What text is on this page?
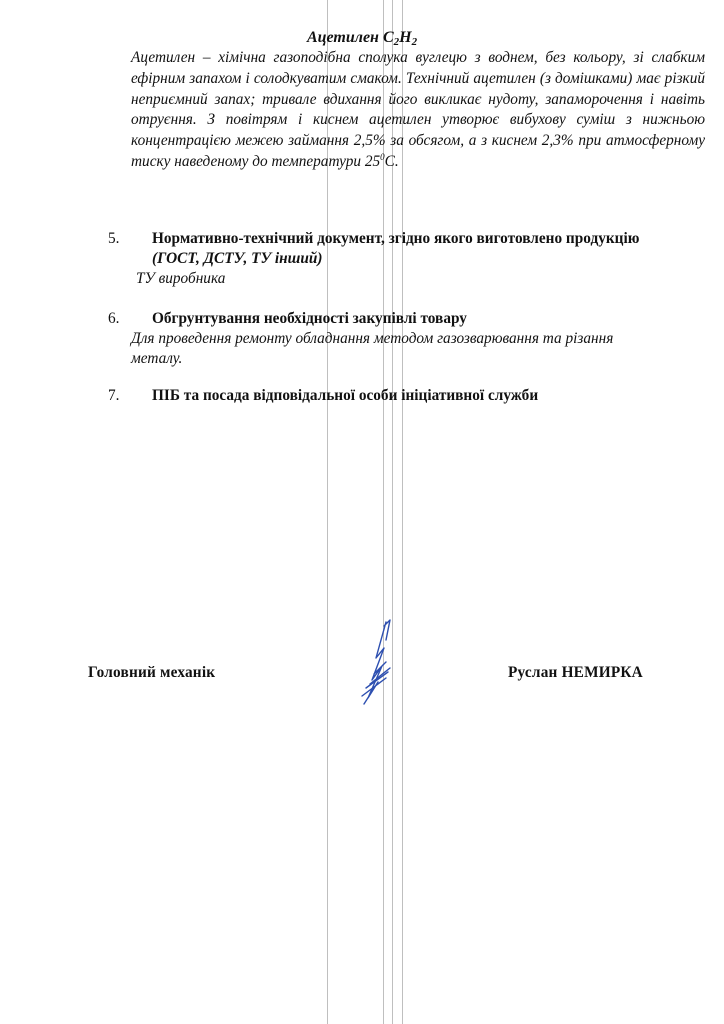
Ацетилен $С_2Н_2$

Ацетилен – хімічна газоподібна сполука вуглецю з воднем, без кольору, зі слабким ефірним запахом і солодкуватим смаком. Технічний ацетилен (з домішками) має різкий неприємний запах; тривале вдихання його викликає нудоту, запаморочення і навіть отруєння. З повітрям і киснем ацетилен утворює вибухову суміш з нижньою концентрацією межею займання 2,5% за обсягом, а з киснем 2,3% при атмосферному тиску наведеному до температури $25^0С$.

5. Нормативно-технічний документ, згідно якого виготовлено продукцію
(ГОСТ, ДСТУ, ТУ інший)
ТУ виробника
6. Обгрунтування необхідності закупівлі товару
Для проведення ремонту обладнання методом газозварювання та різання
металу.
7. ПІБ та посада відповідальної особи ініціативної служби
Головний механік	Руслан НЕМИРКА
